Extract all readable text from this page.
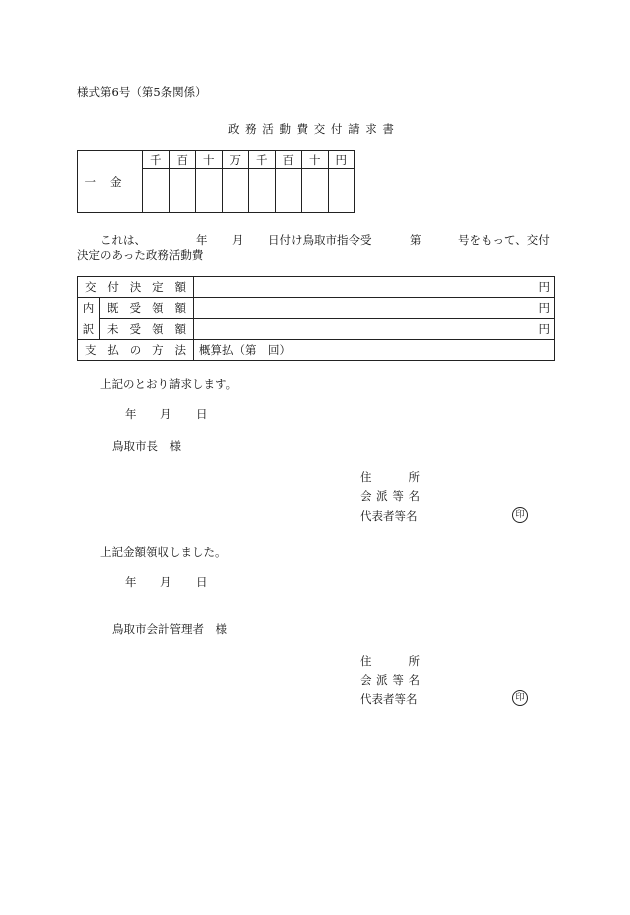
様式第6号（第5条関係）
政 務 活 動 費 交 付 請 求 書
一金	千	百	十	万	千	百	十	円

これは、	年 月 日付け鳥取市指令受	第	号をもって、交付
決定のあった政務活動費
交付決定額		円

内
訳	既受領額	円
	未受領額	円
支払の方法		概算払（第　回）
上記のとおり請求します。
年 月 日
鳥取市長　様
住所
会派等名
代表者等名	印
上記金額領収しました。
年 月 日
鳥取市会計管理者　様
住所
会派等名
代表者等名	印
